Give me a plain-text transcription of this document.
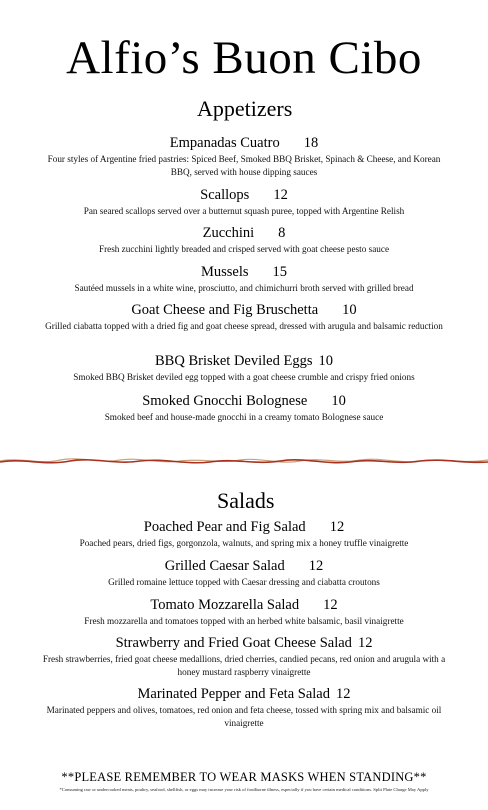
Alfio’s Buon Cibo
Appetizers
Empanadas Cuatro 18
Four styles of Argentine fried pastries: Spiced Beef, Smoked BBQ Brisket, Spinach & Cheese, and Korean BBQ, served with house dipping sauces
Scallops 12
Pan seared scallops served over a butternut squash puree, topped with Argentine Relish
Zucchini 8
Fresh zucchini lightly breaded and crisped served with goat cheese pesto sauce
Mussels 15
Sautéed mussels in a white wine, prosciutto, and chimichurri broth served with grilled bread
Goat Cheese and Fig Bruschetta 10
Grilled ciabatta topped with a dried fig and goat cheese spread, dressed with arugula and balsamic reduction
BBQ Brisket Deviled Eggs 10
Smoked BBQ Brisket deviled egg topped with a goat cheese crumble and crispy fried onions
Smoked Gnocchi Bolognese 10
Smoked beef and house-made gnocchi in a creamy tomato Bolognese sauce
Salads
Poached Pear and Fig Salad 12
Poached pears, dried figs, gorgonzola, walnuts, and spring mix a honey truffle vinaigrette
Grilled Caesar Salad 12
Grilled romaine lettuce topped with Caesar dressing and ciabatta croutons
Tomato Mozzarella Salad 12
Fresh mozzarella and tomatoes topped with an herbed white balsamic, basil vinaigrette
Strawberry and Fried Goat Cheese Salad 12
Fresh strawberries, fried goat cheese medallions, dried cherries, candied pecans, red onion and arugula with a honey mustard raspberry vinaigrette
Marinated Pepper and Feta Salad 12
Marinated peppers and olives, tomatoes, red onion and feta cheese, tossed with spring mix and balsamic oil vinaigrette
**PLEASE REMEMBER TO WEAR MASKS WHEN STANDING**
*Consuming raw or undercooked meats, poultry, seafood, shellfish, or eggs may increase your risk of foodborne illness, especially if you have certain medical conditions. Split Plate Charge May Apply
